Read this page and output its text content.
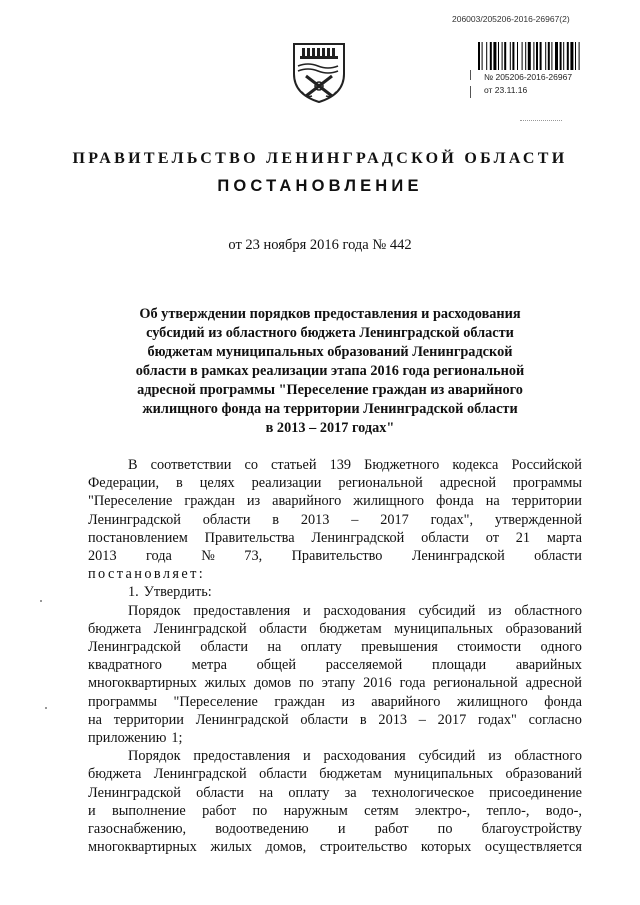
206003/205206-2016-26967(2)
№ 205206-2016-26967
от 23.11.16
ПРАВИТЕЛЬСТВО ЛЕНИНГРАДСКОЙ ОБЛАСТИ
ПОСТАНОВЛЕНИЕ
от 23 ноября 2016 года № 442
Об утверждении порядков предоставления и расходования
субсидий из областного бюджета Ленинградской области
бюджетам муниципальных образований Ленинградской
области в рамках реализации этапа 2016 года региональной
адресной программы "Переселение граждан из аварийного
жилищного фонда на территории Ленинградской области
в 2013 – 2017 годах"
В соответствии со статьей 139 Бюджетного кодекса Российской
Федерации, в целях реализации региональной адресной программы
"Переселение граждан из аварийного жилищного фонда на территории
Ленинградской области в 2013 – 2017 годах", утвержденной
постановлением Правительства Ленинградской области от 21 марта
2013 года № 73, Правительство Ленинградской области
постановляет:
1. Утвердить:
Порядок предоставления и расходования субсидий из областного
бюджета Ленинградской области бюджетам муниципальных образований
Ленинградской области на оплату превышения стоимости одного
квадратного метра общей расселяемой площади аварийных
многоквартирных жилых домов по этапу 2016 года региональной адресной
программы "Переселение граждан из аварийного жилищного фонда
на территории Ленинградской области в 2013 – 2017 годах" согласно
приложению 1;
Порядок предоставления и расходования субсидий из областного
бюджета Ленинградской области бюджетам муниципальных образований
Ленинградской области на оплату за технологическое присоединение
и выполнение работ по наружным сетям электро-, тепло-, водо-,
газоснабжению, водоотведению и работ по благоустройству
многоквартирных жилых домов, строительство которых осуществляется
